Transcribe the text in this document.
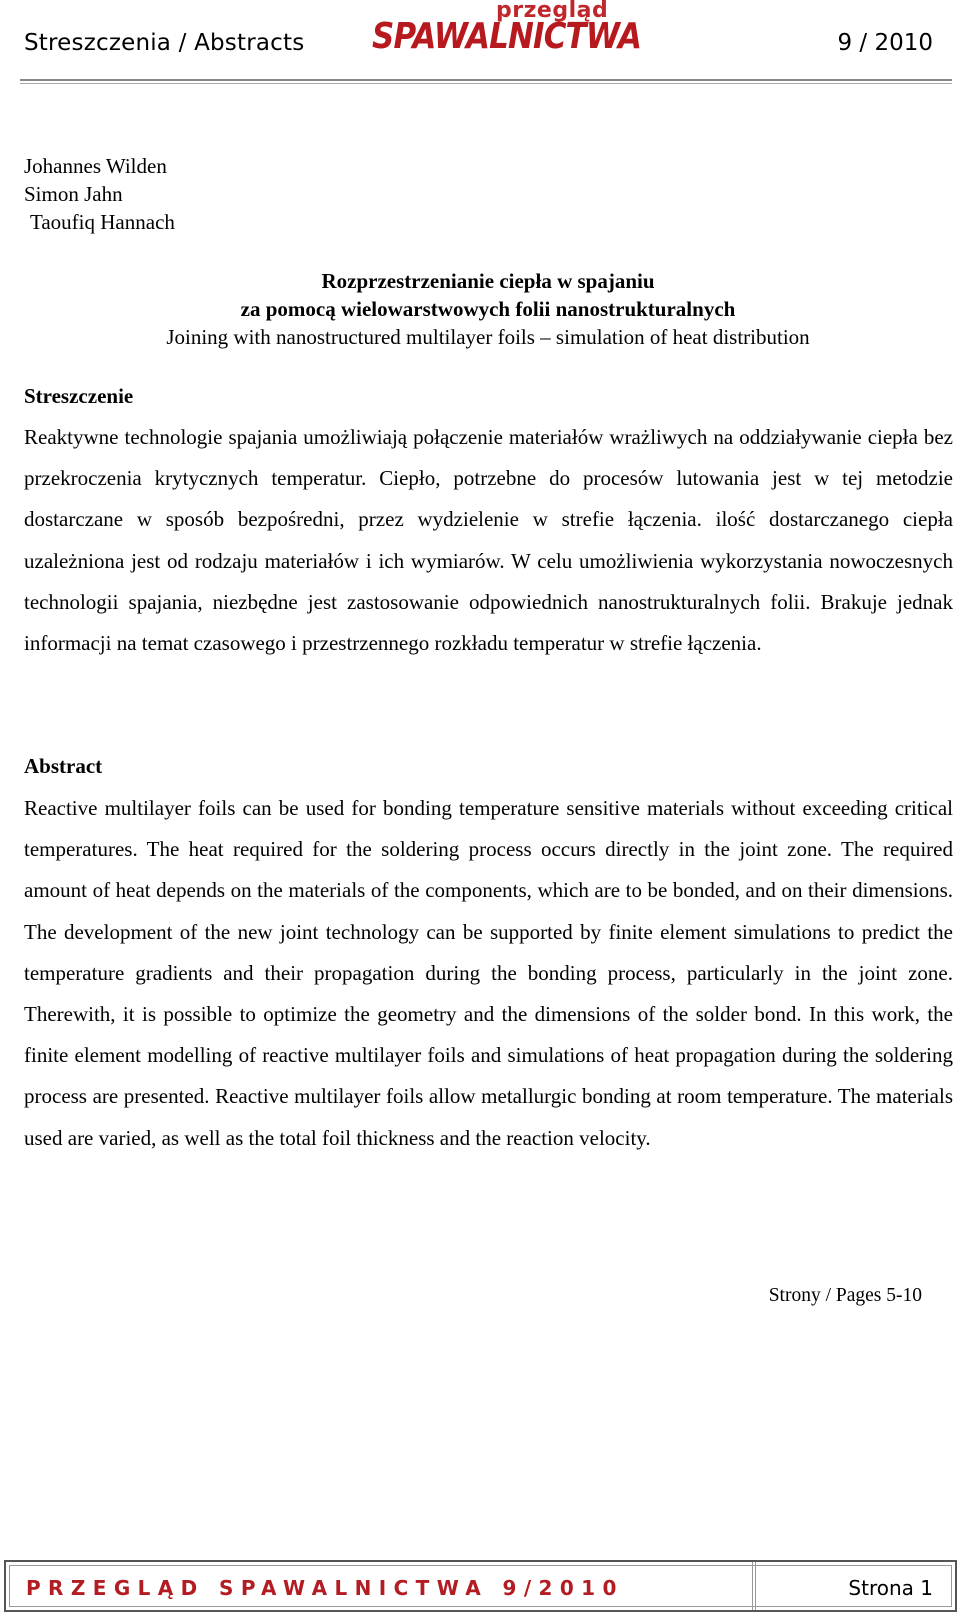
Streszczenia / Abstracts
przegląd
SPAWALNICTWA	9 / 2010
Johannes Wilden
Simon Jahn
Taoufiq Hannach
Rozprzestrzenianie ciepła w spajaniu
za pomocą wielowarstwowych folii nanostrukturalnych
Joining with nanostructured multilayer foils – simulation of heat distribution
Streszczenie
Reaktywne technologie spajania umożliwiają połączenie materiałów wrażliwych na oddziaływanie ciepła bez przekroczenia krytycznych temperatur. Ciepło, potrzebne do procesów lutowania jest w tej metodzie dostarczane w sposób bezpośredni, przez wydzielenie w strefie łączenia. ilość dostarczanego ciepła uzależniona jest od rodzaju materiałów i ich wymiarów. W celu umożliwienia wykorzystania nowoczesnych technologii spajania, niezbędne jest zastosowanie odpowiednich nanostrukturalnych folii. Brakuje jednak informacji na temat czasowego i przestrzennego rozkładu temperatur w strefie łączenia.
Abstract
Reactive multilayer foils can be used for bonding temperature sensitive materials without exceeding critical temperatures. The heat required for the soldering process occurs directly in the joint zone. The required amount of heat depends on the materials of the components, which are to be bonded, and on their dimensions. The development of the new joint technology can be supported by finite element simulations to predict the temperature gradients and their propagation during the bonding process, particularly in the joint zone. Therewith, it is possible to optimize the geometry and the dimensions of the solder bond. In this work, the finite element modelling of reactive multilayer foils and simulations of heat propagation during the soldering process are presented. Reactive multilayer foils allow metallurgic bonding at room temperature. The materials used are varied, as well as the total foil thickness and the reaction velocity.
Strony / Pages 5-10
PRZEGLĄD SPAWALNICTWA 9/2010	Strona 1
